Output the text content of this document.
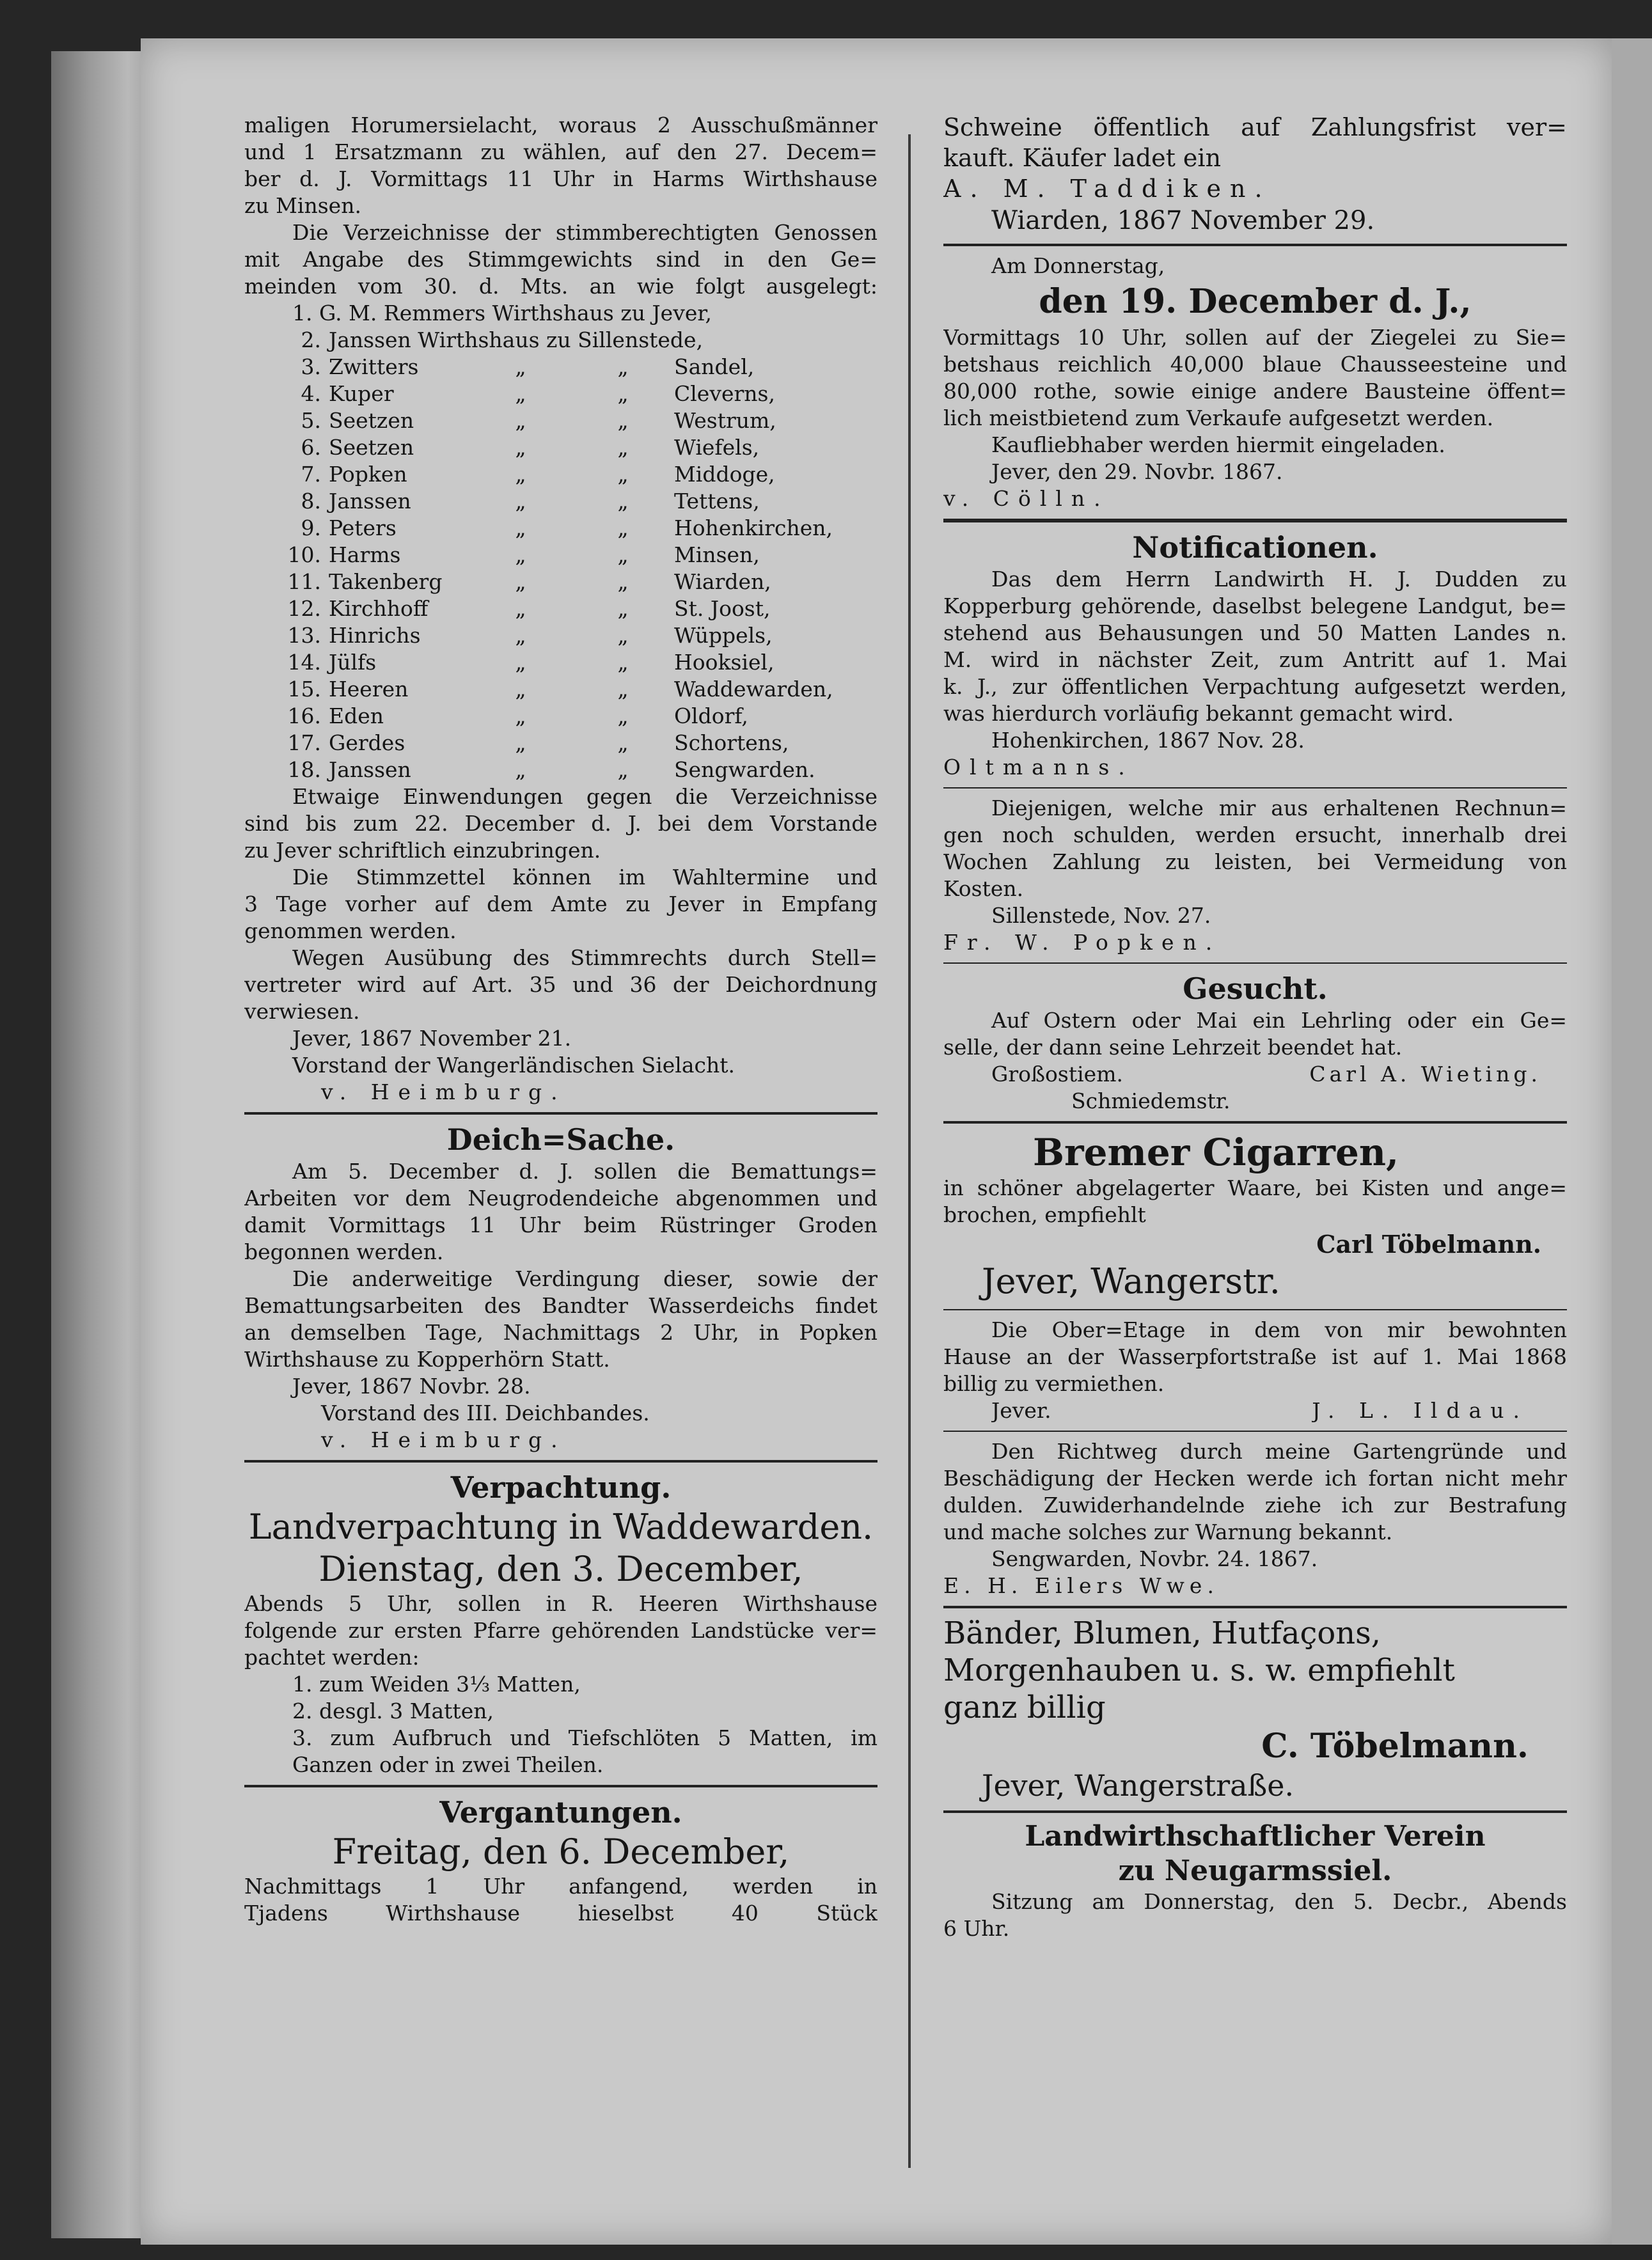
maligen Horumersielacht, woraus 2 Ausschußmänner
und 1 Ersatzmann zu wählen, auf den 27. Decem=
ber d. J. Vormittags 11 Uhr in Harms Wirthshause
zu Minsen.
Die Verzeichnisse der stimmberechtigten Genossen
mit Angabe des Stimmgewichts sind in den Ge=
meinden vom 30. d. Mts. an wie folgt ausgelegt:
1. G. M. Remmers Wirthshaus zu Jever,
2. Janssen Wirthshaus zu Sillenstede,
3. Zwitters	„	„	Sandel,
4. Kuper	„	„	Cleverns,
5. Seetzen	„	„	Westrum,
6. Seetzen	„	„	Wiefels,
7. Popken	„	„	Middoge,
8. Janssen	„	„	Tettens,
9. Peters	„	„	Hohenkirchen,
10. Harms	„	„	Minsen,
11. Takenberg	„	„	Wiarden,
12. Kirchhoff	„	„	St. Joost,
13. Hinrichs	„	„	Wüppels,
14. Jülfs	„	„	Hooksiel,
15. Heeren	„	„	Waddewarden,
16. Eden	„	„	Oldorf,
17. Gerdes	„	„	Schortens,
18. Janssen	„	„	Sengwarden.
Etwaige Einwendungen gegen die Verzeichnisse
sind bis zum 22. December d. J. bei dem Vorstande
zu Jever schriftlich einzubringen.
Die Stimmzettel können im Wahltermine und
3 Tage vorher auf dem Amte zu Jever in Empfang
genommen werden.
Wegen Ausübung des Stimmrechts durch Stell=
vertreter wird auf Art. 35 und 36 der Deichordnung
verwiesen.
Jever, 1867 November 21.
Vorstand der Wangerländischen Sielacht.
v. Heimburg.
Deich=Sache.
Am 5. December d. J. sollen die Bemattungs=
Arbeiten vor dem Neugrodendeiche abgenommen und
damit Vormittags 11 Uhr beim Rüstringer Groden
begonnen werden.
Die anderweitige Verdingung dieser, sowie der
Bemattungsarbeiten des Bandter Wasserdeichs findet
an demselben Tage, Nachmittags 2 Uhr, in Popken
Wirthshause zu Kopperhörn Statt.
Jever, 1867 Novbr. 28.
Vorstand des III. Deichbandes.
v. Heimburg.
Verpachtung.
Landverpachtung in Waddewarden.
Dienstag, den 3. December,
Abends 5 Uhr, sollen in R. Heeren Wirthshause
folgende zur ersten Pfarre gehörenden Landstücke ver=
pachtet werden:
1. zum Weiden 3⅓ Matten,
2. desgl. 3 Matten,
3. zum Aufbruch und Tiefschlöten 5 Matten, im
Ganzen oder in zwei Theilen.
Vergantungen.
Freitag, den 6. December,
Nachmittags 1 Uhr anfangend, werden in
Tjadens Wirthshause hieselbst 40 Stück
Schweine öffentlich auf Zahlungsfrist ver=
kauft. Käufer ladet ein
A. M. Taddiken.
Wiarden, 1867 November 29.
Am Donnerstag,
den 19. December d. J.,
Vormittags 10 Uhr, sollen auf der Ziegelei zu Sie=
betshaus reichlich 40,000 blaue Chausseesteine und
80,000 rothe, sowie einige andere Bausteine öffent=
lich meistbietend zum Verkaufe aufgesetzt werden.
Kaufliebhaber werden hiermit eingeladen.
Jever, den 29. Novbr. 1867.
v. Cölln.
Notificationen.
Das dem Herrn Landwirth H. J. Dudden zu
Kopperburg gehörende, daselbst belegene Landgut, be=
stehend aus Behausungen und 50 Matten Landes n.
M. wird in nächster Zeit, zum Antritt auf 1. Mai
k. J., zur öffentlichen Verpachtung aufgesetzt werden,
was hierdurch vorläufig bekannt gemacht wird.
Hohenkirchen, 1867 Nov. 28.
Oltmanns.
Diejenigen, welche mir aus erhaltenen Rechnun=
gen noch schulden, werden ersucht, innerhalb drei
Wochen Zahlung zu leisten, bei Vermeidung von
Kosten.
Sillenstede, Nov. 27.
Fr. W. Popken.
Gesucht.
Auf Ostern oder Mai ein Lehrling oder ein Ge=
selle, der dann seine Lehrzeit beendet hat.
Großostiem.	Carl A. Wieting.
Schmiedemstr.
Bremer Cigarren,
in schöner abgelagerter Waare, bei Kisten und ange=
brochen, empfiehlt
Carl Töbelmann.
Jever, Wangerstr.
Die Ober=Etage in dem von mir bewohnten
Hause an der Wasserpfortstraße ist auf 1. Mai 1868
billig zu vermiethen.
Jever.	J. L. Ildau.
Den Richtweg durch meine Gartengründe und
Beschädigung der Hecken werde ich fortan nicht mehr
dulden. Zuwiderhandelnde ziehe ich zur Bestrafung
und mache solches zur Warnung bekannt.
Sengwarden, Novbr. 24. 1867.
E. H. Eilers Wwe.
Bänder, Blumen, Hutfaçons,
Morgenhauben u. s. w. empfiehlt
ganz billig
C. Töbelmann.
Jever, Wangerstraße.
Landwirthschaftlicher Verein
zu Neugarmssiel.
Sitzung am Donnerstag, den 5. Decbr., Abends
6 Uhr.
